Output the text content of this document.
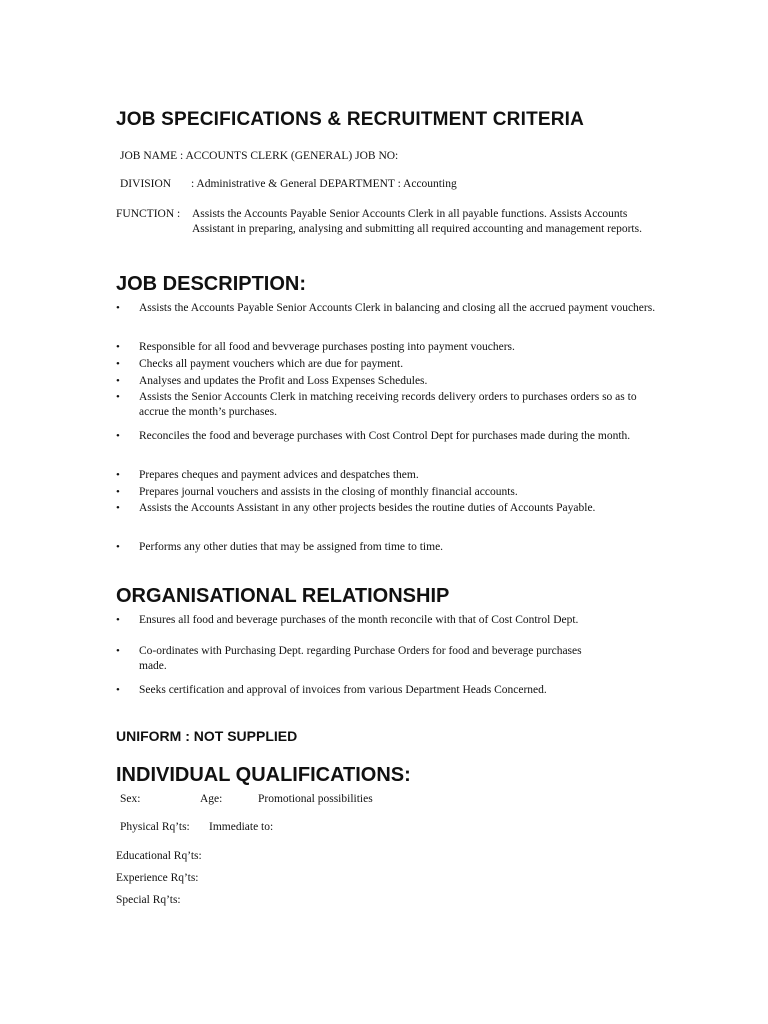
JOB SPECIFICATIONS & RECRUITMENT CRITERIA
JOB NAME : ACCOUNTS CLERK (GENERAL) JOB NO:
DIVISION : Administrative & General DEPARTMENT : Accounting
FUNCTION : Assists the Accounts Payable Senior Accounts Clerk in all payable functions. Assists Accounts Assistant in preparing, analysing and submitting all required accounting and management reports.
JOB DESCRIPTION:
•	Assists the Accounts Payable Senior Accounts Clerk in balancing and closing all the accrued payment vouchers.
•	Responsible for all food and bevverage purchases posting into payment vouchers.
•	Checks all payment vouchers which are due for payment.
•	Analyses and updates the Profit and Loss Expenses Schedules.
•	Assists the Senior Accounts Clerk in matching receiving records delivery orders to purchases orders so as to accrue the month’s purchases.
•	Reconciles the food and beverage purchases with Cost Control Dept for purchases made during the month.
•	Prepares cheques and payment advices and despatches them.
•	Prepares journal vouchers and assists in the closing of monthly financial accounts.
•	Assists the Accounts Assistant in any other projects besides the routine duties of Accounts Payable.
•	Performs any other duties that may be assigned from time to time.
ORGANISATIONAL RELATIONSHIP
•	Ensures all food and beverage purchases of the month reconcile with that of Cost Control Dept.
•	Co-ordinates with Purchasing Dept. regarding Purchase Orders for food and beverage purchases made.
•	Seeks certification and approval of invoices from various Department Heads Concerned.
UNIFORM : NOT SUPPLIED
INDIVIDUAL QUALIFICATIONS:
Sex:	Age:	Promotional possibilities
Physical Rq’ts: Immediate to:
Educational Rq’ts:
Experience Rq’ts:
Special Rq’ts:
